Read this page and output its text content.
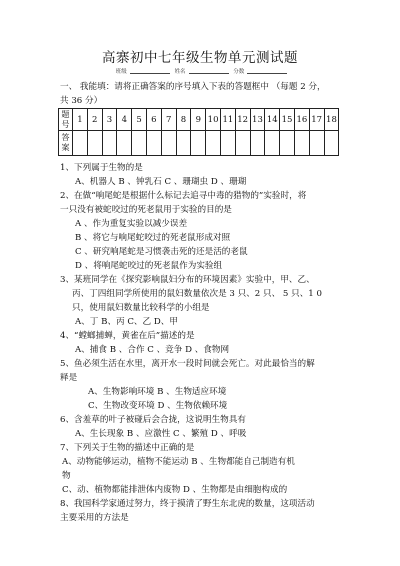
高寨初中七年级生物单元测试题
班级	姓名	分数
一、 我能填：请将正确答案的序号填入下表的答题框中 （每题 2 分，
共 36 分）
题号	1	2	3	4	5	6	7	8	9	10	11	12	13	14	15	16	17	18
答案																		
1、下列属于生物的是
A、机器人 B 、钟乳石 C 、珊瑚虫 D 、珊瑚
2、在做“响尾蛇是根据什么标记去追寻中毒的猎物的”实验时，将
一只没有被蛇咬过的死老鼠用于实验的目的是
A 、作为重复实验以减少误差
B 、将它与响尾蛇咬过的死老鼠形成对照
C 、研究响尾蛇是习惯袭击死的还是活的老鼠
D 、将响尾蛇咬过的死老鼠作为实验组
3、某班同学在《探究影响鼠妇分布的环境因素》实验中，甲、乙、
丙、丁四组同学所使用的鼠妇数量依次是 3 只、2 只、 5 只、1 0
只，使用鼠妇数量比较科学的小组是
A、丁 B、丙 C、乙 D、甲
4、“螳螂捕蝉，黄雀在后”描述的是
A、捕食 B 、合作 C 、竞争 D 、食物网
5、鱼必须生活在水里，离开水一段时间就会死亡。对此最恰当的解
释是
A、生物影响环境 B 、生物适应环境
C、生物改变环境 D 、生物依赖环境
6、含羞草的叶子被碰后会合拢，这说明生物具有
A、生长现象 B 、应激性 C 、繁殖 D 、呼吸
7、下列关于生物的描述中正确的是
A、动物能够运动，植物不能运动 B 、生物都能自己制造有机
物
C、动、植物都能排泄体内废物 D 、生物都是由细胞构成的
8、我国科学家通过努力，终于摸清了野生东北虎的数量，这项活动
主要采用的方法是
